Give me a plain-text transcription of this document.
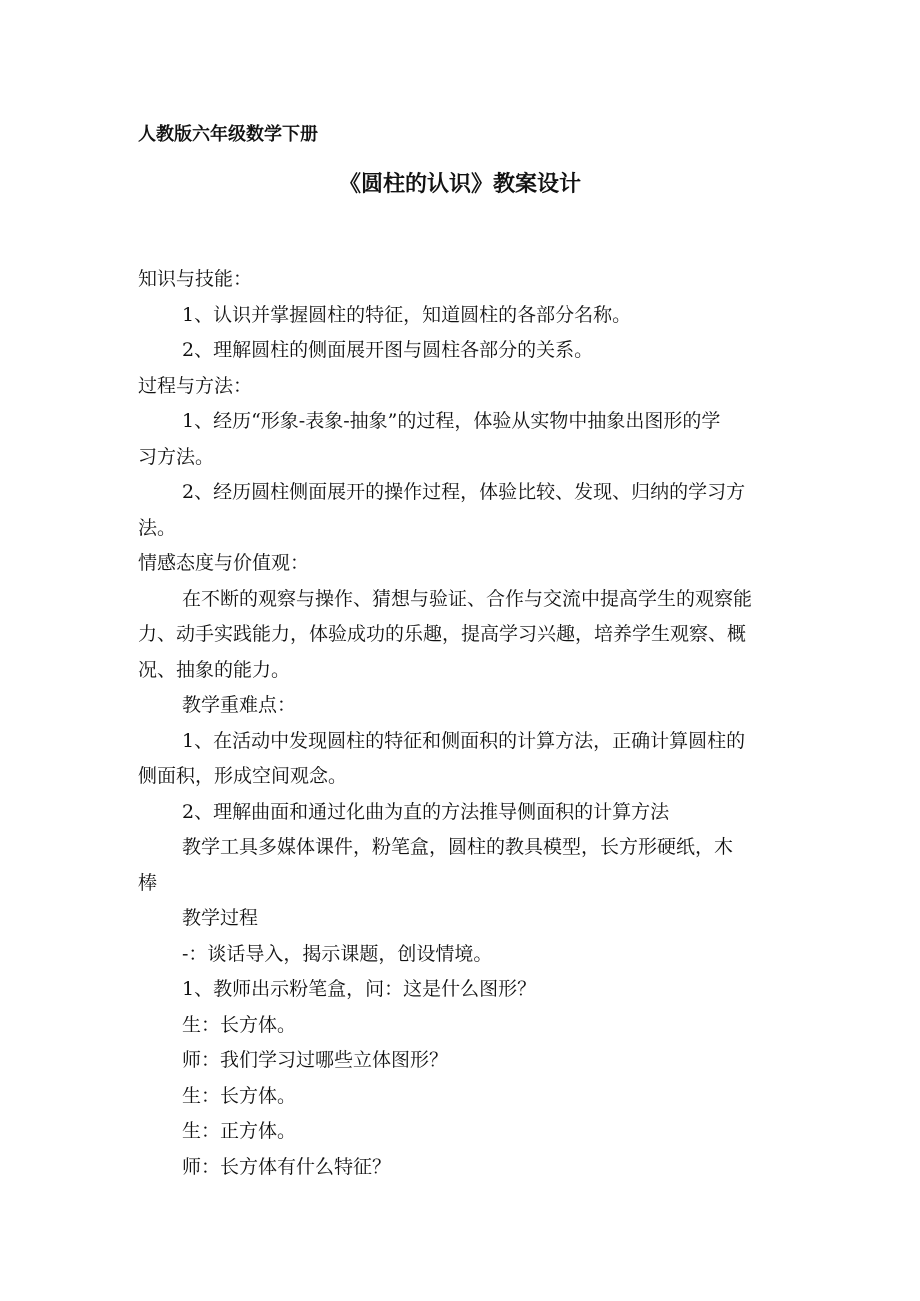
人教版六年级数学下册
《圆柱的认识》教案设计

知识与技能：

1、认识并掌握圆柱的特征，知道圆柱的各部分名称。

2、理解圆柱的侧面展开图与圆柱各部分的关系。

过程与方法：

1、经历“形象-表象-抽象”的过程，体验从实物中抽象出图形的学

习方法。

2、经历圆柱侧面展开的操作过程，体验比较、发现、归纳的学习方

法。

情感态度与价值观：

在不断的观察与操作、猜想与验证、合作与交流中提高学生的观察能

力、动手实践能力，体验成功的乐趣，提高学习兴趣，培养学生观察、概

况、抽象的能力。

教学重难点：

1、在活动中发现圆柱的特征和侧面积的计算方法，正确计算圆柱的

侧面积，形成空间观念。

2、理解曲面和通过化曲为直的方法推导侧面积的计算方法

教学工具多媒体课件，粉笔盒，圆柱的教具模型，长方形硬纸，木

棒

教学过程

-：谈话导入，揭示课题，创设情境。

1、教师出示粉笔盒，问：这是什么图形？

生：长方体。

师：我们学习过哪些立体图形？

生：长方体。

生：正方体。

师：长方体有什么特征？
